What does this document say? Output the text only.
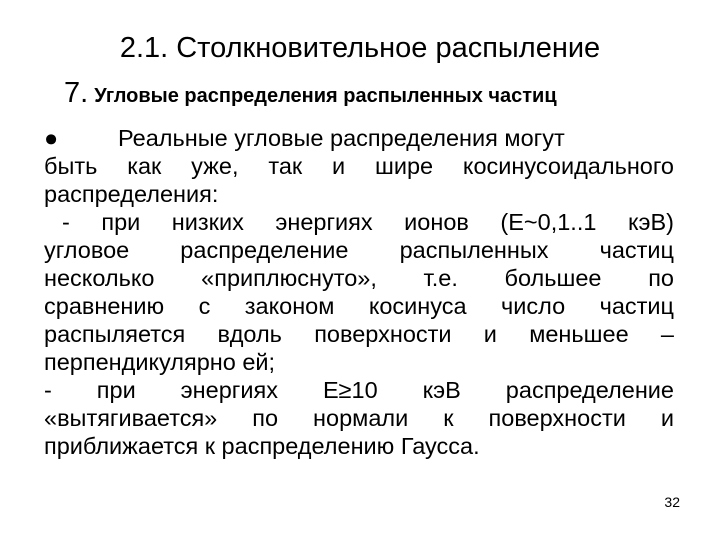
2.1. Столкновительное распыление
7. Угловые распределения распыленных частиц
●	Реальные угловые распределения могут
быть как уже, так и шире косинусоидального
распределения:
- при низких энергиях ионов (Е~0,1..1 кэВ)
угловое распределение распыленных частиц
несколько «приплюснуто», т.е. большее по
сравнению с законом косинуса число частиц
распыляется вдоль поверхности и меньшее –
перпендикулярно ей;
- при энергиях Е≥10 кэВ распределение
«вытягивается» по нормали к поверхности и
приближается к распределению Гаусса.
32
